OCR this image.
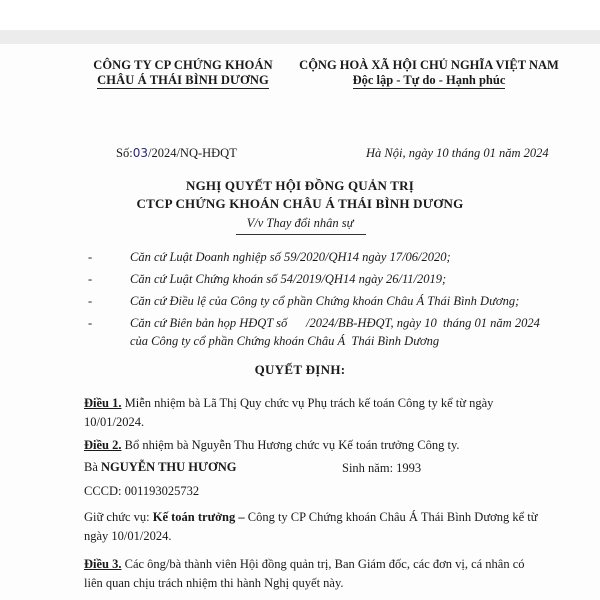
CÔNG TY CP CHỨNG KHOÁN
CHÂU Á THÁI BÌNH DƯƠNG
CỘNG HOÀ XÃ HỘI CHỦ NGHĨA VIỆT NAM
Độc lập - Tự do - Hạnh phúc
Số:03/2024/NQ-HĐQT	Hà Nội, ngày 10 tháng 01 năm 2024
NGHỊ QUYẾT HỘI ĐỒNG QUẢN TRỊ
CTCP CHỨNG KHOÁN CHÂU Á THÁI BÌNH DƯƠNG
V/v Thay đổi nhân sự
-	Căn cứ Luật Doanh nghiệp số 59/2020/QH14 ngày 17/06/2020;
-	Căn cứ Luật Chứng khoán số 54/2019/QH14 ngày 26/11/2019;
-	Căn cứ Điều lệ của Công ty cổ phần Chứng khoán Châu Á Thái Bình Dương;
-	Căn cứ Biên bản họp HĐQT số      /2024/BB-HĐQT, ngày 10  tháng 01 năm 2024
của Công ty cổ phần Chứng khoán Châu Á  Thái Bình Dương
QUYẾT ĐỊNH:
Điều 1. Miễn nhiệm bà Lã Thị Quy chức vụ Phụ trách kế toán Công ty kể từ ngày
10/01/2024.
Điều 2. Bổ nhiệm bà Nguyễn Thu Hương chức vụ Kế toán trưởng Công ty.
Bà NGUYỄN THU HƯƠNG	Sinh năm: 1993
CCCD: 001193025732
Giữ chức vụ: Kế toán trưởng – Công ty CP Chứng khoán Châu Á Thái Bình Dương kể từ
ngày 10/01/2024.
Điều 3. Các ông/bà thành viên Hội đồng quản trị, Ban Giám đốc, các đơn vị, cá nhân có
liên quan chịu trách nhiệm thi hành Nghị quyết này.
